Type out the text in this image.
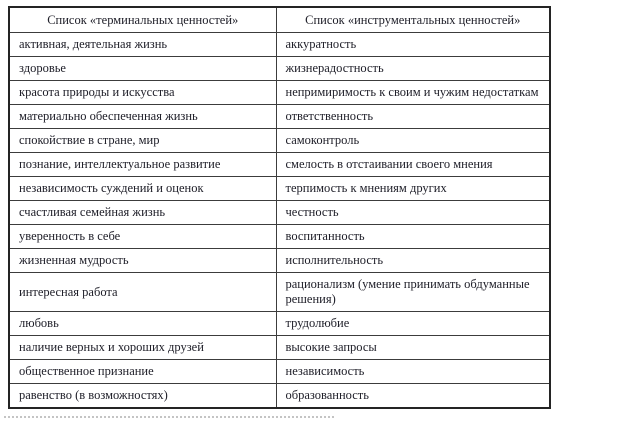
Список «терминальных ценностей»	Список «инструментальных ценностей»
активная, деятельная жизнь	аккуратность
здоровье	жизнерадостность
красота природы и искусства	непримиримость к своим и чужим недостаткам
материально обеспеченная жизнь	ответственность
спокойствие в стране, мир	самоконтроль
познание, интеллектуальное развитие	смелость в отстаивании своего мнения
независимость суждений и оценок	терпимость к мнениям других
счастливая семейная жизнь	честность
уверенность в себе	воспитанность
жизненная мудрость	исполнительность
интересная работа	рационализм (умение принимать обдуманные решения)
любовь	трудолюбие
наличие верных и хороших друзей	высокие запросы
общественное признание	независимость
равенство (в возможностях)	образованность
